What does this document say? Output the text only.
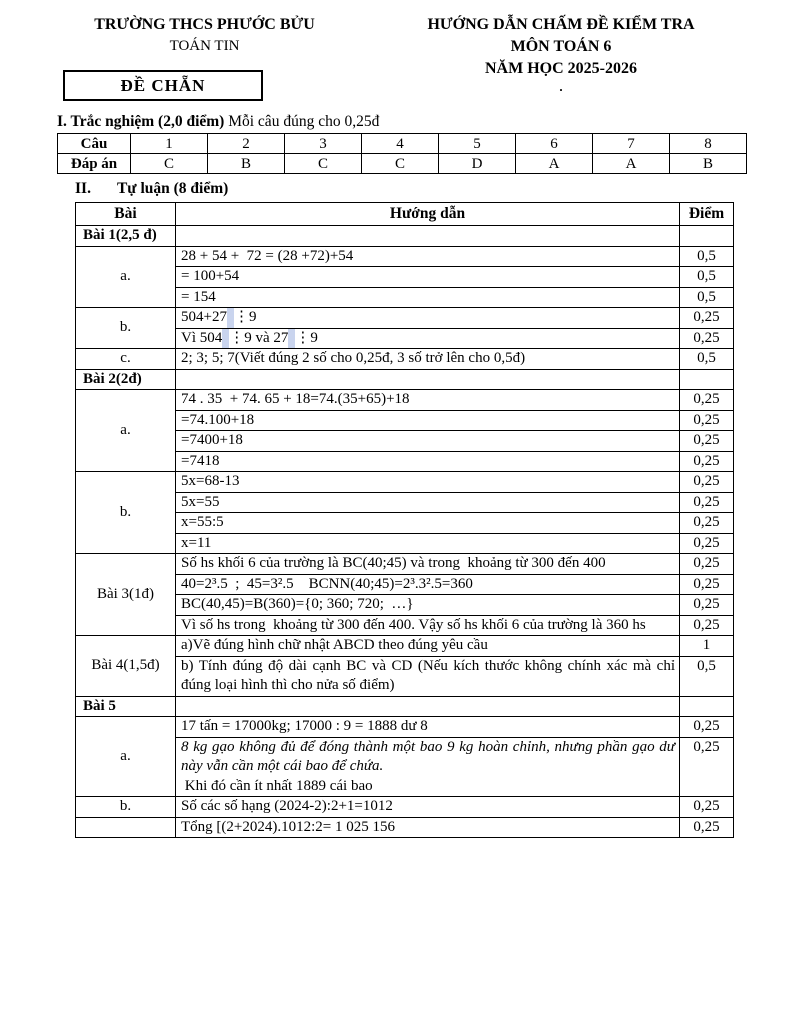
TRƯỜNG THCS PHƯỚC BỬU
TOÁN TIN
ĐỀ CHẴN
HƯỚNG DẪN CHẤM ĐỀ KIỂM TRA
MÔN TOÁN 6
NĂM HỌC 2025-2026
.

I. Trắc nghiệm (2,0 điểm) Mỗi câu đúng cho 0,25đ

Câu	1	2	3	4	5	6	7	8
Đáp án	C	B	C	C	D	A	A	B

II. Tự luận (8 điểm)

Bài	Hướng dẫn	Điểm
Bài 1(2,5 đ)		
a.	28 + 54 +  72 = (28 +72)+54	0,5
	= 100+54	0,5
	= 154	0,5
b.	504+27 ⋮9	0,25
	Vì 504 ⋮9 và 27 ⋮9	0,25
c.	2; 3; 5; 7(Viết đúng 2 số cho 0,25đ, 3 số trở lên cho 0,5đ)	0,5
Bài 2(2đ)		
a.	74 . 35  + 74. 65 + 18=74.(35+65)+18	0,25
	=74.100+18	0,25
	=7400+18	0,25
	=7418	0,25
b.	5x=68-13	0,25
	5x=55	0,25
	x=55:5	0,25
	x=11	0,25
Bài 3(1đ)	Số hs khối 6 của trường là BC(40;45) và trong  khoảng từ 300 đến 400	0,25
	40=2³.5  ;  45=3².5    BCNN(40;45)=2³.3².5=360	0,25
	BC(40,45)=B(360)={0; 360; 720;  …}	0,25
	Vì số hs trong  khoảng từ 300 đến 400. Vậy số hs khối 6 của trường là 360 hs	0,25
Bài 4(1,5đ)	a)Vẽ đúng hình chữ nhật ABCD theo đúng yêu cầu	1
	b) Tính đúng độ dài cạnh BC và CD (Nếu kích thước không chính xác mà chỉ đúng loại hình thì cho nửa số điểm)	0,5
Bài 5		
a.	17 tấn = 17000kg; 17000 : 9 = 1888 dư 8	0,25

	8 kg gạo không đủ để đóng thành một bao 9 kg hoàn chỉnh, nhưng phần gạo dư này vẫn cần một cái bao để chứa.
Khi đó cần ít nhất 1889 cái bao	0,25
b.	Số các số hạng (2024-2):2+1=1012	0,25
	Tổng [(2+2024).1012:2= 1 025 156	0,25
